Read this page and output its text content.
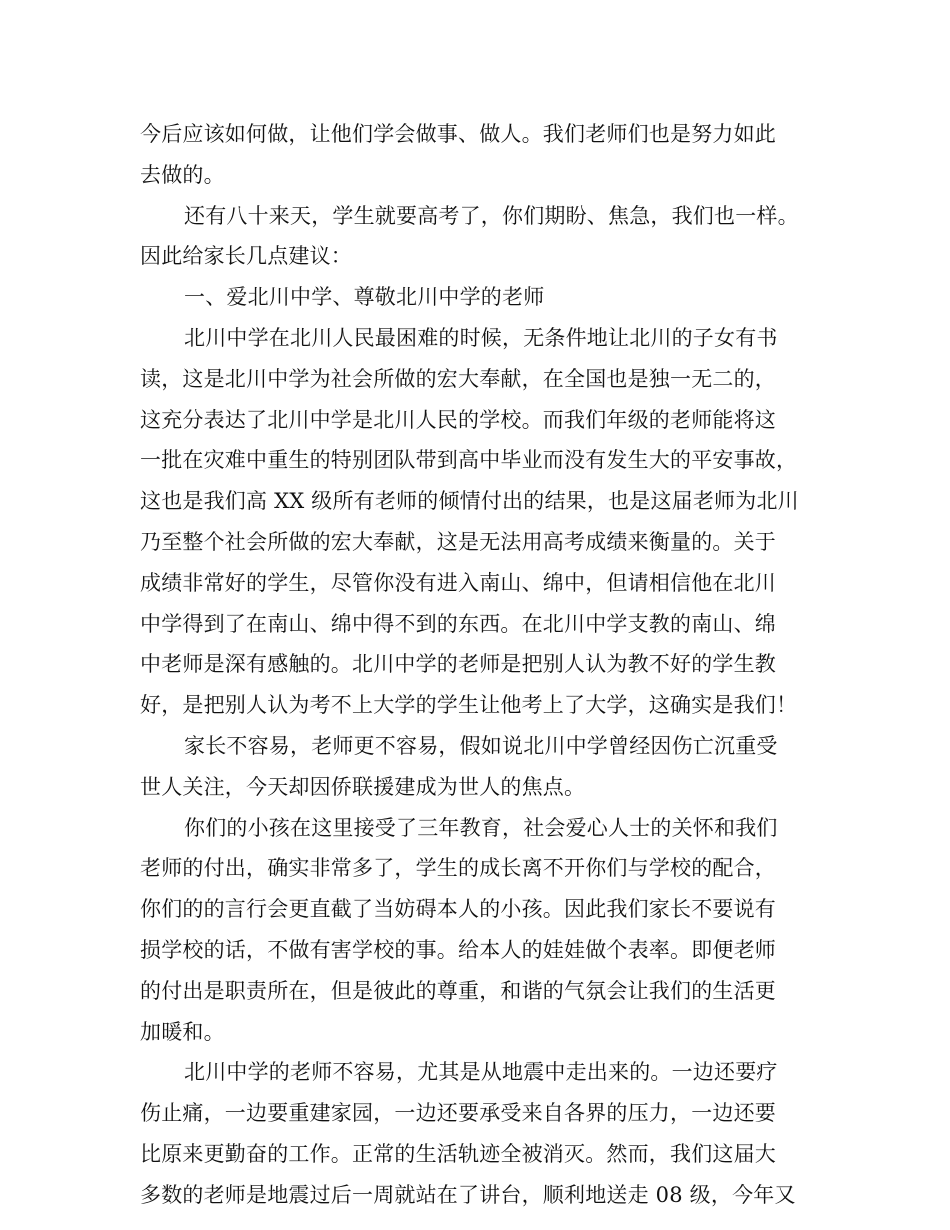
今后应该如何做，让他们学会做事、做人。我们老师们也是努力如此
去做的。
还有八十来天，学生就要高考了，你们期盼、焦急，我们也一样。
因此给家长几点建议：
一、爱北川中学、尊敬北川中学的老师
北川中学在北川人民最困难的时候，无条件地让北川的子女有书
读，这是北川中学为社会所做的宏大奉献，在全国也是独一无二的，
这充分表达了北川中学是北川人民的学校。而我们年级的老师能将这
一批在灾难中重生的特别团队带到高中毕业而没有发生大的平安事故，
这也是我们高 XX 级所有老师的倾情付出的结果，也是这届老师为北川
乃至整个社会所做的宏大奉献，这是无法用高考成绩来衡量的。关于
成绩非常好的学生，尽管你没有进入南山、绵中，但请相信他在北川
中学得到了在南山、绵中得不到的东西。在北川中学支教的南山、绵
中老师是深有感触的。北川中学的老师是把别人认为教不好的学生教
好，是把别人认为考不上大学的学生让他考上了大学，这确实是我们！
家长不容易，老师更不容易，假如说北川中学曾经因伤亡沉重受
世人关注，今天却因侨联援建成为世人的焦点。
你们的小孩在这里接受了三年教育，社会爱心人士的关怀和我们
老师的付出，确实非常多了，学生的成长离不开你们与学校的配合，
你们的的言行会更直截了当妨碍本人的小孩。因此我们家长不要说有
损学校的话，不做有害学校的事。给本人的娃娃做个表率。即便老师
的付出是职责所在，但是彼此的尊重，和谐的气氛会让我们的生活更
加暖和。
北川中学的老师不容易，尤其是从地震中走出来的。一边还要疗
伤止痛，一边要重建家园，一边还要承受来自各界的压力，一边还要
比原来更勤奋的工作。正常的生活轨迹全被消灭。然而，我们这届大
多数的老师是地震过后一周就站在了讲台，顺利地送走 08 级，今年又
